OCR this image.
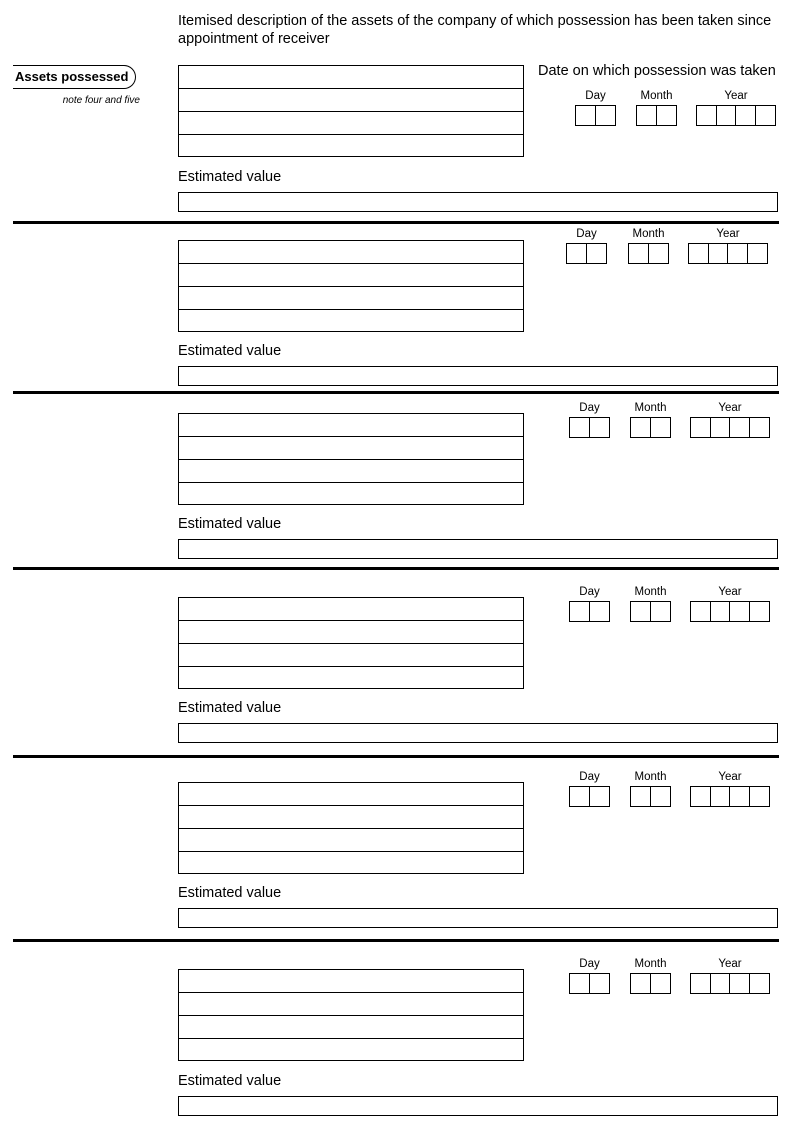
Itemised description of the assets of the company of which possession has been taken since appointment of receiver
Assets possessed
note four and five
Date on which possession was taken
Estimated value
Day	Month	Year
Estimated value
Day	Month	Year
Estimated value
Day	Month	Year
Estimated value
Day	Month	Year
Estimated value
Day	Month	Year
Estimated value
Day	Month	Year
